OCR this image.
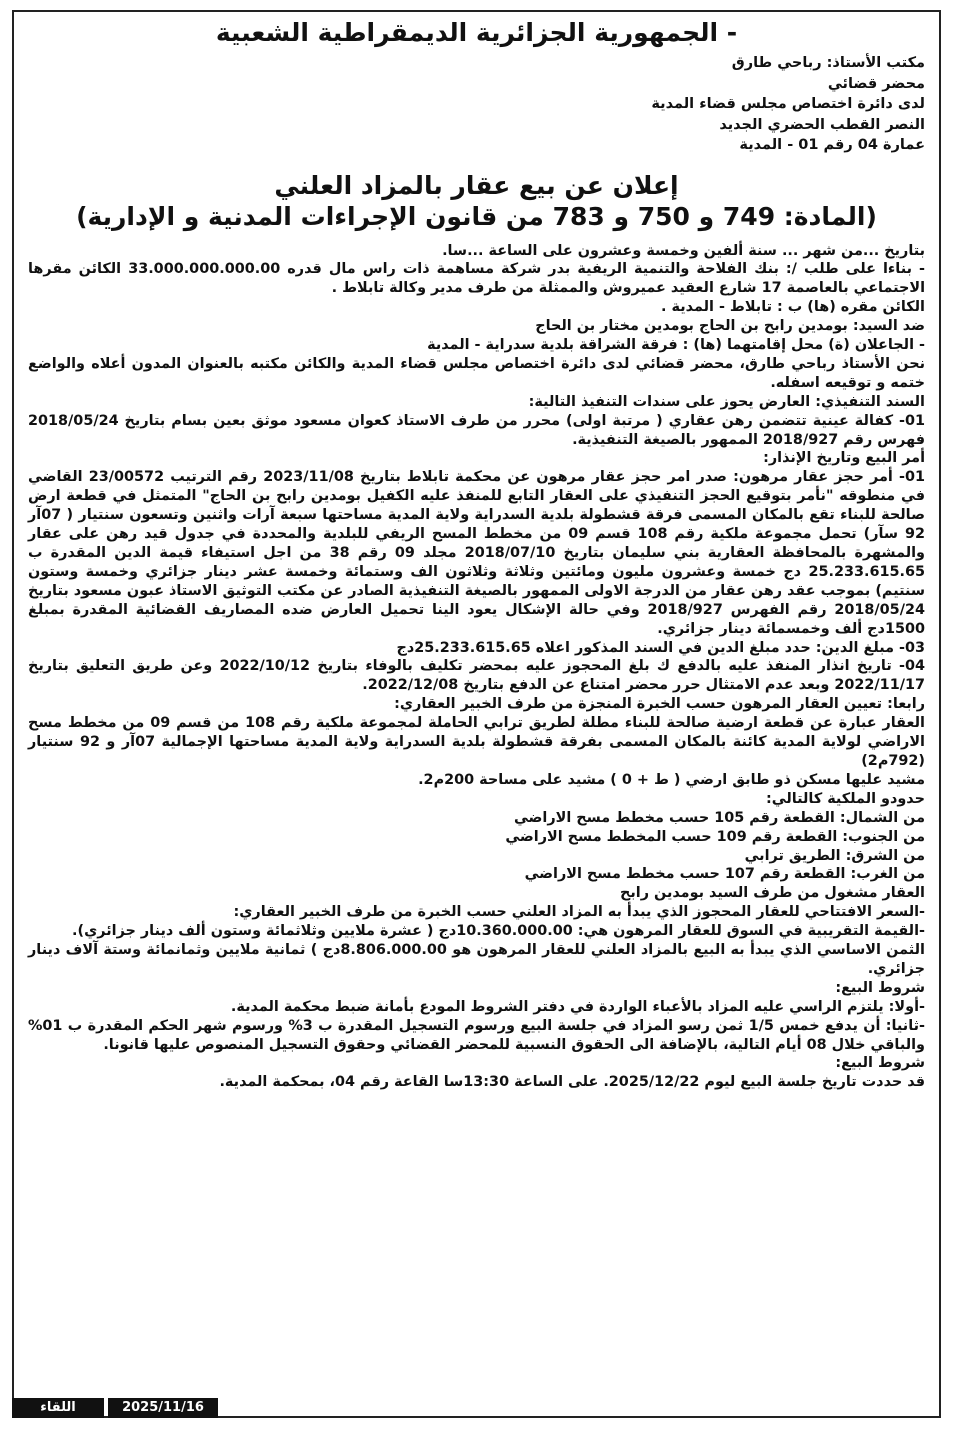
- الجمهورية الجزائرية الديمقراطية الشعبية
مكتب الأستاذ: رباحي طارق
محضر قضائي
لدى دائرة اختصاص مجلس قضاء المدية
النصر القطب الحضري الجديد
عمارة 04 رقم 01 - المدية
إعلان عن بيع عقار بالمزاد العلني
(المادة: 749 و 750 و 783 من قانون الإجراءات المدنية و الإدارية)

بتاريخ ...من شهر ... سنة ألفين وخمسة وعشرون على الساعة ...سا.

- بناءا على طلب /: بنك الفلاحة والتنمية الريفية بدر شركة مساهمة ذات راس مال قدره 33.000.000.000.00 الكائن مقرها الاجتماعي بالعاصمة 17 شارع العقيد عميروش والممثلة من طرف مدير وكالة تابلاط .

الكائن مقره (ها) ب : تابلاط - المدية .

ضد السيد: بومدين رابح بن الحاج بومدين مختار بن الحاج

- الجاعلان (ة) محل إقامتهما (ها) : فرقة الشراقة بلدية سدراية - المدية

نحن الأستاذ رباحي طارق، محضر قضائي لدى دائرة اختصاص مجلس قضاء المدية والكائن مكتبه بالعنوان المدون أعلاه والواضع ختمه و توقيعه اسفله.

السند التنفيذي: العارض يحوز على سندات التنفيذ التالية:

01- كفالة عينية تتضمن رهن عقاري ( مرتبة اولى) محرر من طرف الاستاذ كعوان مسعود موثق بعين بسام بتاريخ 2018/05/24 فهرس رقم 2018/927 الممهور بالصيغة التنفيذية.

أمر البيع وتاريخ الإنذار:

01- أمر حجز عقار مرهون: صدر امر حجز عقار مرهون عن محكمة تابلاط بتاريخ 2023/11/08 رقم الترتيب 23/00572 القاضي في منطوقه "نأمر بتوقيع الحجز التنفيذي على العقار التابع للمنفذ عليه الكفيل بومدين رابح بن الحاج" المتمثل في قطعة ارض صالحة للبناء تقع بالمكان المسمى فرقة قشطولة بلدية السدراية ولاية المدية مساحتها سبعة آرات واثنين وتسعون سنتيار ( 07آر 92 سآر) تحمل مجموعة ملكية رقم 108 قسم 09 من مخطط المسح الريفي للبلدية والمحددة في جدول قيد رهن على عقار والمشهرة بالمحافظة العقارية بني سليمان بتاريخ 2018/07/10 مجلد 09 رقم 38 من اجل استيفاء قيمة الدين المقدرة ب 25.233.615.65 دج خمسة وعشرون مليون ومائتين وثلاثة وثلاثون الف وستمائة وخمسة عشر دينار جزائري وخمسة وستون سنتيم) بموجب عقد رهن عقار من الدرجة الاولى الممهور بالصيغة التنفيذية الصادر عن مكتب التوثيق الاستاذ عبون مسعود بتاريخ 2018/05/24 رقم الفهرس 2018/927 وفي حالة الإشكال يعود الينا تحميل العارض ضده المصاريف القضائية المقدرة بمبلغ 1500دج ألف وخمسمائة دينار جزائري.

03- مبلغ الدين: حدد مبلغ الدين في السند المذكور اعلاه 25.233.615.65دج

04- تاريخ انذار المنفذ عليه بالدفع ك بلغ المحجوز عليه بمحضر تكليف بالوفاء بتاريخ 2022/10/12 وعن طريق التعليق بتاريخ 2022/11/17 وبعد عدم الامتثال حرر محضر امتناع عن الدفع بتاريخ 2022/12/08.

رابعا: تعيين العقار المرهون حسب الخبرة المنجزة من طرف الخبير العقاري:

العقار عبارة عن قطعة ارضية صالحة للبناء مطلة لطريق ترابي الحاملة لمجموعة ملكية رقم 108 من قسم 09 من مخطط مسح الاراضي لولاية المدية كائنة بالمكان المسمى بفرقة قشطولة بلدية السدراية ولاية المدية مساحتها الإجمالية 07آر و 92 سنتيار (792م2)

مشيد عليها مسكن ذو طابق ارضي ( ط + 0 ) مشيد على مساحة 200م2.

حدودو الملكية كالتالي:

من الشمال: القطعة رقم 105 حسب مخطط مسح الاراضي

من الجنوب: القطعة رقم 109 حسب المخطط مسح الاراضي

من الشرق: الطريق ترابي

من الغرب: القطعة رقم 107 حسب مخطط مسح الاراضي

العقار مشغول من طرف السيد بومدين رابح

-السعر الافتتاحي للعقار المحجوز الذي يبدأ به المزاد العلني حسب الخبرة من طرف الخبير العقاري:

-القيمة التقريبية في السوق للعقار المرهون هي: 10.360.000.00دج ( عشرة ملايين وثلاثمائة وستون ألف دينار جزائري).

الثمن الاساسي الذي يبدأ به البيع بالمزاد العلني للعقار المرهون هو 8.806.000.00دج ) ثمانية ملايين وثمانمائة وستة آلاف دينار جزائري.

شروط البيع:

-أولا: يلتزم الراسي عليه المزاد بالأعباء الواردة في دفتر الشروط المودع بأمانة ضبط محكمة المدية.

-ثانيا: أن يدفع خمس 1/5 ثمن رسو المزاد في جلسة البيع ورسوم التسجيل المقدرة ب 3% ورسوم شهر الحكم المقدرة ب 01% والباقي خلال 08 أيام التالية، بالإضافة الى الحقوق النسبية للمحضر القضائي وحقوق التسجيل المنصوص عليها قانونا.

شروط البيع:

قد حددت تاريخ جلسة البيع ليوم 2025/12/22. على الساعة 13:30سا القاعة رقم 04، بمحكمة المدية.

2025/11/16
اللقاء
